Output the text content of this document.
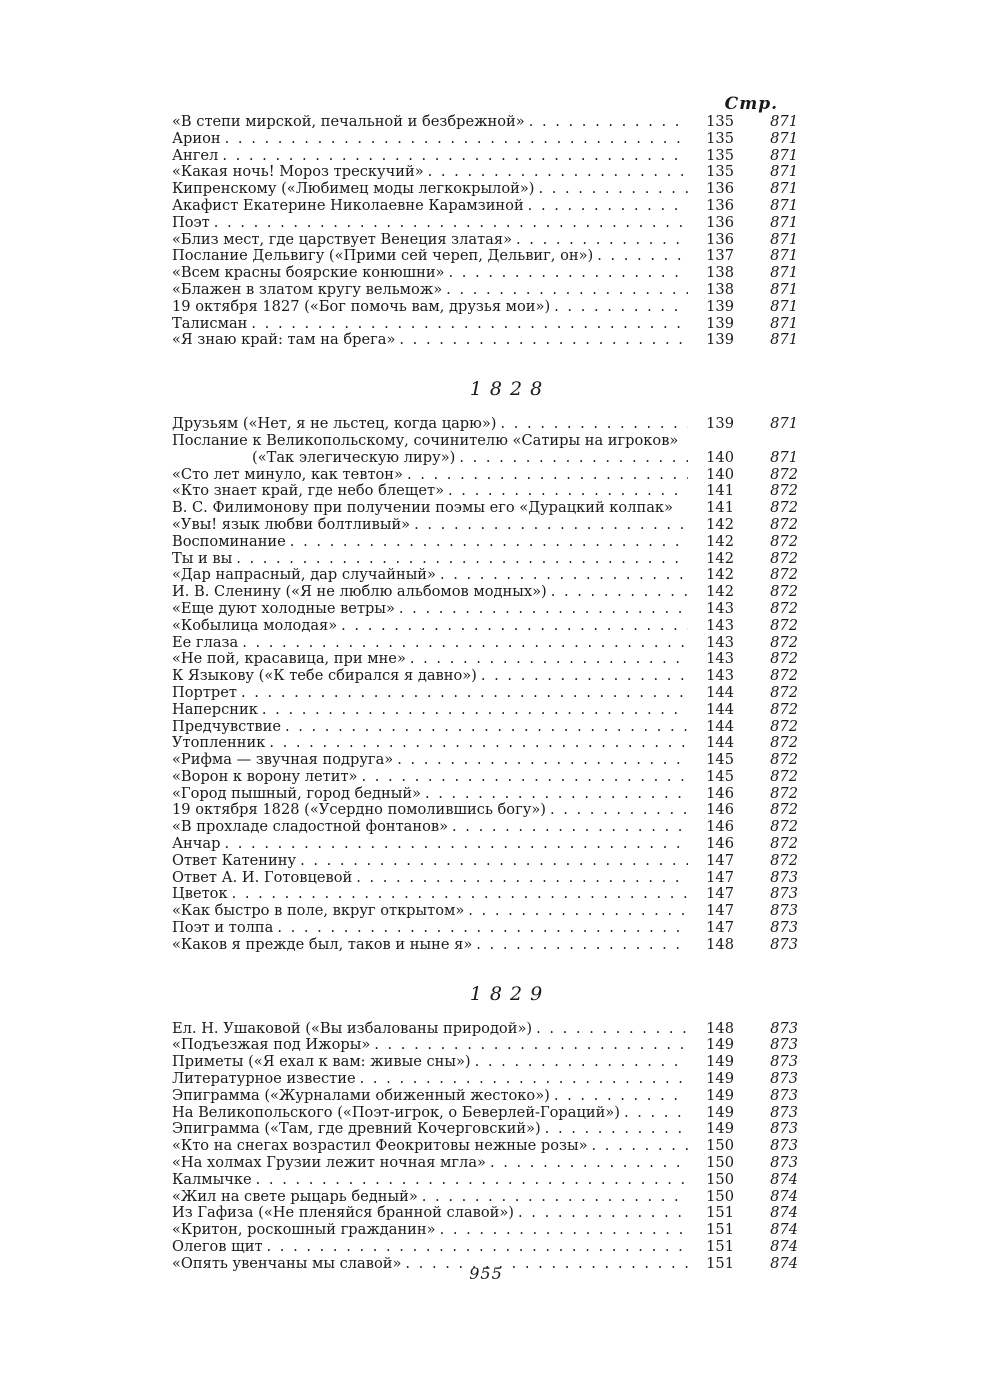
Стр.
«В степи мирской, печальной и безбрежной» . . .	135	871
Арион . . .	135	871
Ангел . . .	135	871
«Какая ночь! Мороз трескучий» . . .	135	871
Кипренскому («Любимец моды легкокрылой») . . .	136	871
Акафист Екатерине Николаевне Карамзиной . . .	136	871
Поэт . . .	136	871
«Близ мест, где царствует Венеция златая» . . .	136	871
Послание Дельвигу («Прими сей череп, Дельвиг, он») . . .	137	871
«Всем красны боярские конюшни» . . .	138	871
«Блажен в златом кругу вельмож» . . .	138	871
19 октября 1827 («Бог помочь вам, друзья мои») . . .	139	871
Талисман . . .	139	871
«Я знаю край: там на брега» . . .	139	871
1828
Друзьям («Нет, я не льстец, когда царю») . . .	139	871
Послание к Великопольскому, сочинителю «Сатиры на игроков»
(«Так элегическую лиру») . . .	140	871
«Сто лет минуло, как тевтон» . . .	140	872
«Кто знает край, где небо блещет» . . .	141	872
В. С. Филимонову при получении поэмы его «Дурацкий колпак»	141	872
«Увы! язык любви болтливый» . . .	142	872
Воспоминание . . .	142	872
Ты и вы . . .	142	872
«Дар напрасный, дар случайный» . . .	142	872
И. В. Сленину («Я не люблю альбомов модных») . . .	142	872
«Еще дуют холодные ветры» . . .	143	872
«Кобылица молодая» . . .	143	872
Ее глаза . . .	143	872
«Не пой, красавица, при мне» . . .	143	872
К Языкову («К тебе сбирался я давно») . . .	143	872
Портрет . . .	144	872
Наперсник . . .	144	872
Предчувствие . . .	144	872
Утопленник . . .	144	872
«Рифма — звучная подруга» . . .	145	872
«Ворон к ворону летит» . . .	145	872
«Город пышный, город бедный» . . .	146	872
19 октября 1828 («Усердно помолившись богу») . . .	146	872
«В прохладе сладостной фонтанов» . . .	146	872
Анчар . . .	146	872
Ответ Катенину . . .	147	872
Ответ А. И. Готовцевой . . .	147	873
Цветок . . .	147	873
«Как быстро в поле, вкруг открытом» . . .	147	873
Поэт и толпа . . .	147	873
«Каков я прежде был, таков и ныне я» . . .	148	873
1829
Ел. Н. Ушаковой («Вы избалованы природой») . . .	148	873
«Подъезжая под Ижоры» . . .	149	873
Приметы («Я ехал к вам: живые сны») . . .	149	873
Литературное известие . . .	149	873
Эпиграмма («Журналами обиженный жестоко») . . .	149	873
На Великопольского («Поэт-игрок, о Беверлей-Гораций») . . .	149	873
Эпиграмма («Там, где древний Кочерговский») . . .	149	873
«Кто на снегах возрастил Феокритовы нежные розы» . . .	150	873
«На холмах Грузии лежит ночная мгла» . . .	150	873
Калмычке . . .	150	874
«Жил на свете рыцарь бедный» . . .	150	874
Из Гафиза («Не пленяйся бранной славой») . . .	151	874
«Критон, роскошный гражданин» . . .	151	874
Олегов щит . . .	151	874
«Опять увенчаны мы славой» . . .	151	874
955
